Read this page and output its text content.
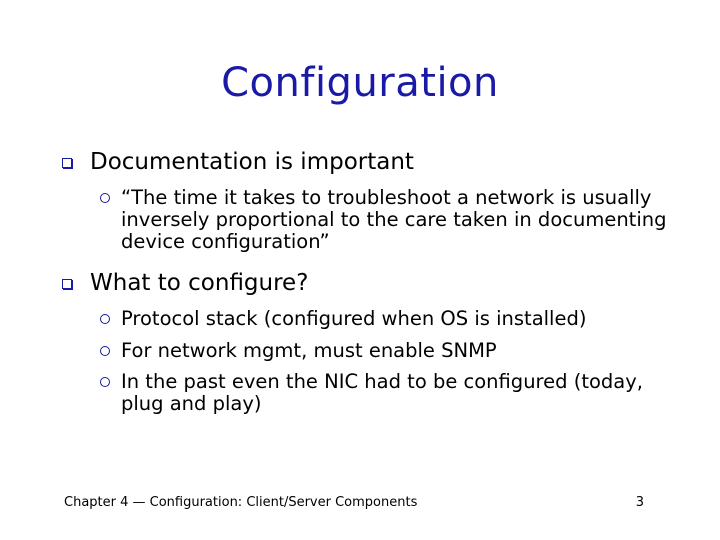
Configuration
Documentation is important
“The time it takes to troubleshoot a network is usually inversely proportional to the care taken in documenting device configuration”
What to configure?
Protocol stack (configured when OS is installed)
For network mgmt, must enable SNMP
In the past even the NIC had to be configured (today, plug and play)
Chapter 4 — Configuration: Client/Server Components	3
